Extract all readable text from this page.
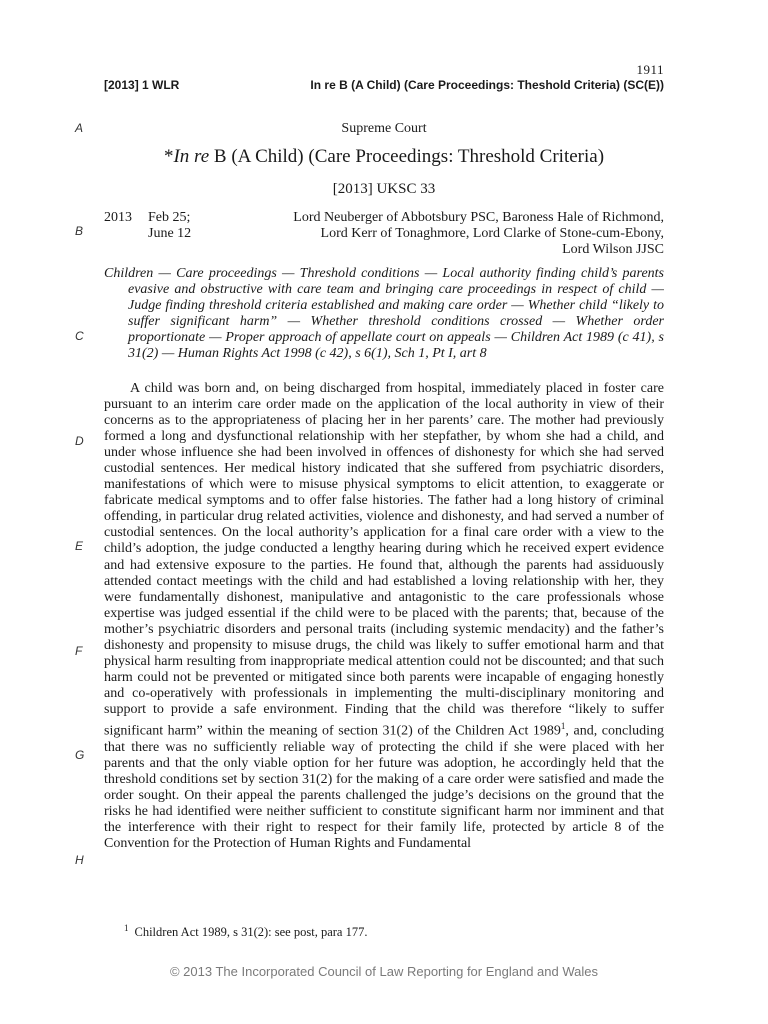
1911
[2013] 1 WLR	In re B (A Child) (Care Proceedings: Theshold Criteria) (SC(E))
A
B
C
D
E
F
G
H
Supreme Court
*In re B (A Child) (Care Proceedings: Threshold Criteria)
[2013] UKSC 33
2013 Feb 25;
June 12
Lord Neuberger of Abbotsbury PSC, Baroness Hale of Richmond,
Lord Kerr of Tonaghmore, Lord Clarke of Stone-cum-Ebony,
Lord Wilson JJSC

Children — Care proceedings — Threshold conditions — Local authority finding child’s parents evasive and obstructive with care team and bringing care proceedings in respect of child — Judge finding threshold criteria established and making care order — Whether child “likely to suffer significant harm” — Whether threshold conditions crossed — Whether order proportionate — Proper approach of appellate court on appeals — Children Act 1989 (c 41), s 31(2) — Human Rights Act 1998 (c 42), s 6(1), Sch 1, Pt I, art 8

A child was born and, on being discharged from hospital, immediately placed in foster care pursuant to an interim care order made on the application of the local authority in view of their concerns as to the appropriateness of placing her in her parents’ care. The mother had previously formed a long and dysfunctional relationship with her stepfather, by whom she had a child, and under whose influence she had been involved in offences of dishonesty for which she had served custodial sentences. Her medical history indicated that she suffered from psychiatric disorders, manifestations of which were to misuse physical symptoms to elicit attention, to exaggerate or fabricate medical symptoms and to offer false histories. The father had a long history of criminal offending, in particular drug related activities, violence and dishonesty, and had served a number of custodial sentences. On the local authority’s application for a final care order with a view to the child’s adoption, the judge conducted a lengthy hearing during which he received expert evidence and had extensive exposure to the parties. He found that, although the parents had assiduously attended contact meetings with the child and had established a loving relationship with her, they were fundamentally dishonest, manipulative and antagonistic to the care professionals whose expertise was judged essential if the child were to be placed with the parents; that, because of the mother’s psychiatric disorders and personal traits (including systemic mendacity) and the father’s dishonesty and propensity to misuse drugs, the child was likely to suffer emotional harm and that physical harm resulting from inappropriate medical attention could not be discounted; and that such harm could not be prevented or mitigated since both parents were incapable of engaging honestly and co-operatively with professionals in implementing the multi-disciplinary monitoring and support to provide a safe environment. Finding that the child was therefore “likely to suffer significant harm” within the meaning of section 31(2) of the Children Act 1989$^1$, and, concluding that there was no sufficiently reliable way of protecting the child if she were placed with her parents and that the only viable option for her future was adoption, he accordingly held that the threshold conditions set by section 31(2) for the making of a care order were satisfied and made the order sought. On their appeal the parents challenged the judge’s decisions on the ground that the risks he had identified were neither sufficient to constitute significant harm nor imminent and that the interference with their right to respect for their family life, protected by article 8 of the Convention for the Protection of Human Rights and Fundamental

$^1$ Children Act 1989, s 31(2): see post, para 177.
© 2013 The Incorporated Council of Law Reporting for England and Wales
